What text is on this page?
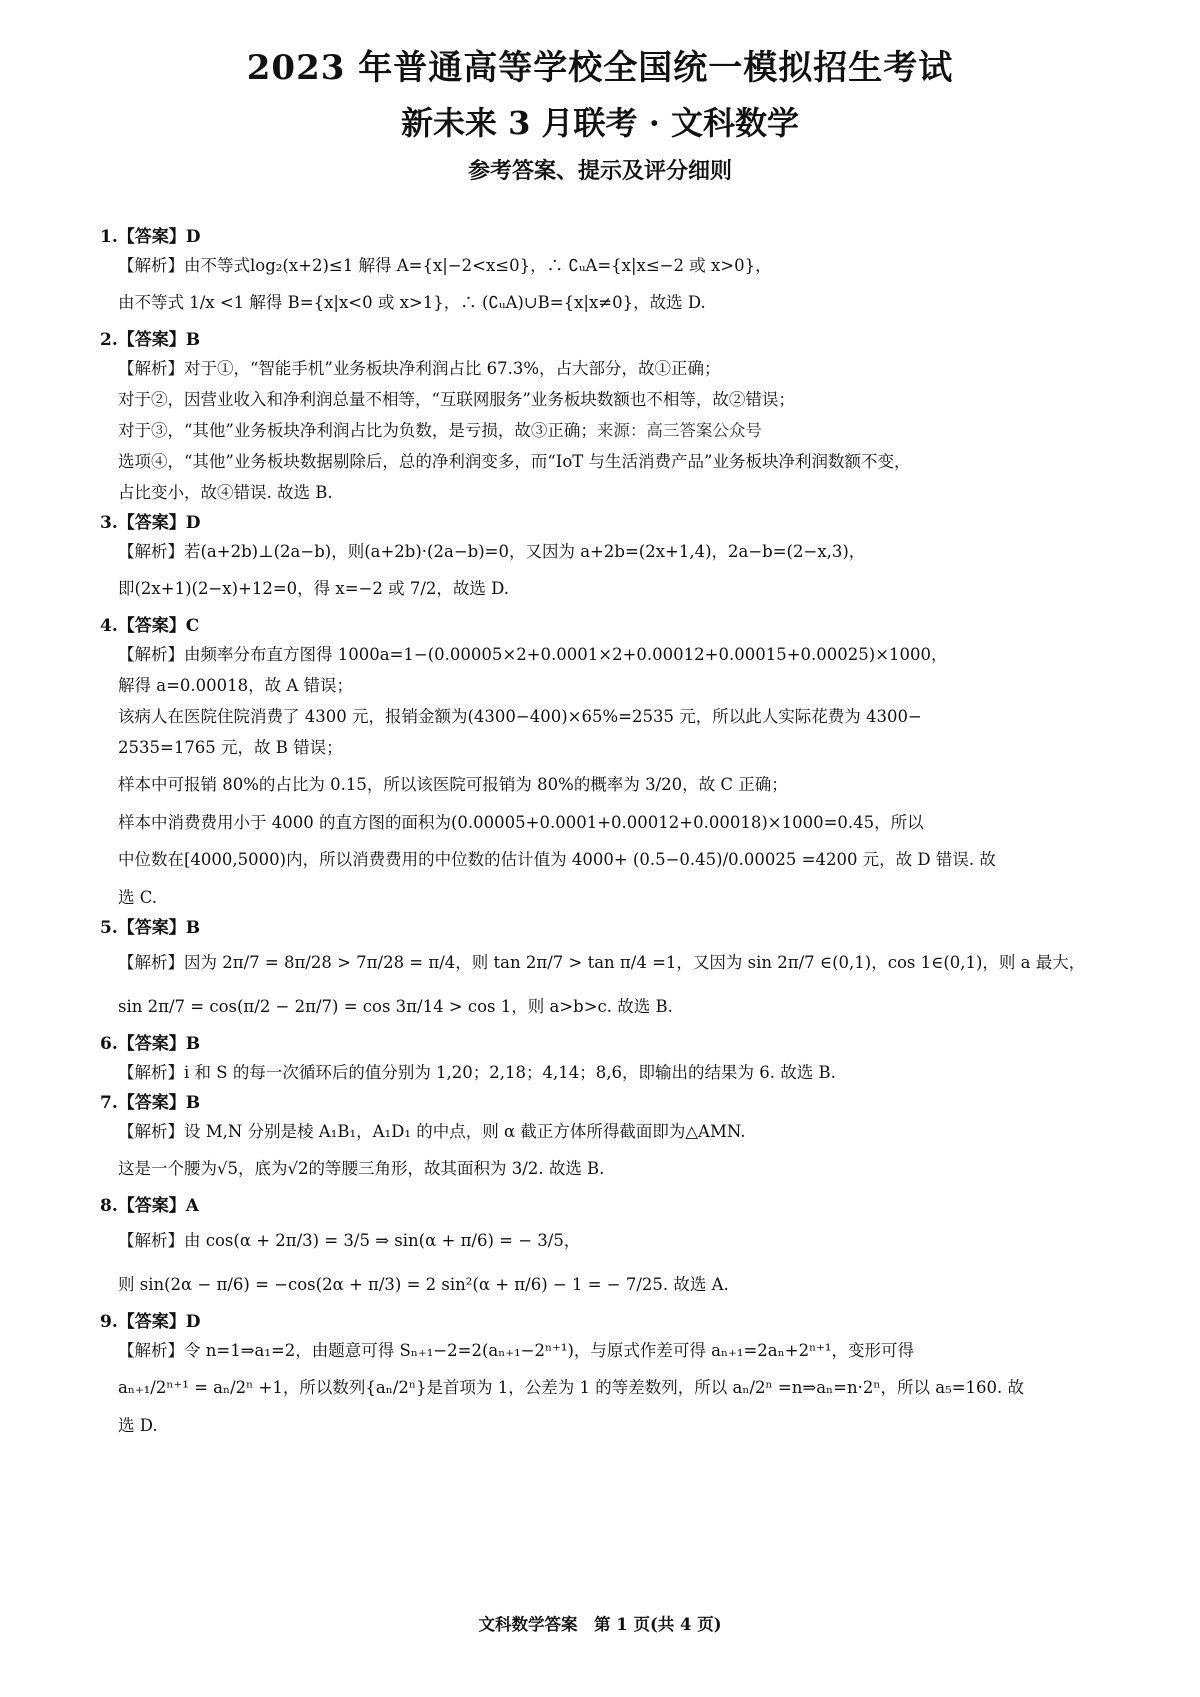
2023 年普通高等学校全国统一模拟招生考试
新未来 3 月联考 · 文科数学
参考答案、提示及评分细则
1.【答案】D
【解析】由不等式log₂(x+2)≤1 解得 A={x|−2<x≤0}，∴ ∁ᵤA={x|x≤−2 或 x>0}，
由不等式 1/x <1 解得 B={x|x<0 或 x>1}，∴ (∁ᵤA)∪B={x|x≠0}，故选 D.
2.【答案】B
【解析】对于①，“智能手机”业务板块净利润占比 67.3%，占大部分，故①正确；
对于②，因营业收入和净利润总量不相等，“互联网服务”业务板块数额也不相等，故②错误；
对于③，“其他”业务板块净利润占比为负数，是亏损，故③正确；来源：高三答案公众号
选项④，“其他”业务板块数据剔除后，总的净利润变多，而“IoT 与生活消费产品”业务板块净利润数额不变，
占比变小，故④错误. 故选 B.
3.【答案】D
【解析】若(a+2b)⊥(2a−b)，则(a+2b)·(2a−b)=0，又因为 a+2b=(2x+1,4)，2a−b=(2−x,3)，
即(2x+1)(2−x)+12=0，得 x=−2 或 7/2，故选 D.
4.【答案】C
【解析】由频率分布直方图得 1000a=1−(0.00005×2+0.0001×2+0.00012+0.00015+0.00025)×1000，
解得 a=0.00018，故 A 错误；
该病人在医院住院消费了 4300 元，报销金额为(4300−400)×65%=2535 元，所以此人实际花费为 4300−
2535=1765 元，故 B 错误；
样本中可报销 80%的占比为 0.15，所以该医院可报销为 80%的概率为 3/20，故 C 正确；
样本中消费费用小于 4000 的直方图的面积为(0.00005+0.0001+0.00012+0.00018)×1000=0.45，所以
中位数在[4000,5000)内，所以消费费用的中位数的估计值为 4000+ (0.5−0.45)/0.00025 =4200 元，故 D 错误. 故
选 C.
5.【答案】B
【解析】因为 2π/7 = 8π/28 > 7π/28 = π/4，则 tan 2π/7 > tan π/4 =1，又因为 sin 2π/7 ∈(0,1)，cos 1∈(0,1)，则 a 最大，
sin 2π/7 = cos(π/2 − 2π/7) = cos 3π/14 > cos 1，则 a>b>c. 故选 B.
6.【答案】B
【解析】i 和 S 的每一次循环后的值分别为 1,20；2,18；4,14；8,6，即输出的结果为 6. 故选 B.
7.【答案】B
【解析】设 M,N 分别是棱 A₁B₁，A₁D₁ 的中点，则 α 截正方体所得截面即为△AMN.
这是一个腰为√5，底为√2的等腰三角形，故其面积为 3/2. 故选 B.
8.【答案】A
【解析】由 cos(α + 2π/3) = 3/5 ⇒ sin(α + π/6) = − 3/5，
则 sin(2α − π/6) = −cos(2α + π/3) = 2 sin²(α + π/6) − 1 = − 7/25. 故选 A.
9.【答案】D
【解析】令 n=1⇒a₁=2，由题意可得 Sₙ₊₁−2=2(aₙ₊₁−2ⁿ⁺¹)，与原式作差可得 aₙ₊₁=2aₙ+2ⁿ⁺¹，变形可得
aₙ₊₁/2ⁿ⁺¹ = aₙ/2ⁿ +1，所以数列{aₙ/2ⁿ}是首项为 1，公差为 1 的等差数列，所以 aₙ/2ⁿ =n⇒aₙ=n·2ⁿ，所以 a₅=160. 故
选 D.
文科数学答案　第 1 页(共 4 页)
